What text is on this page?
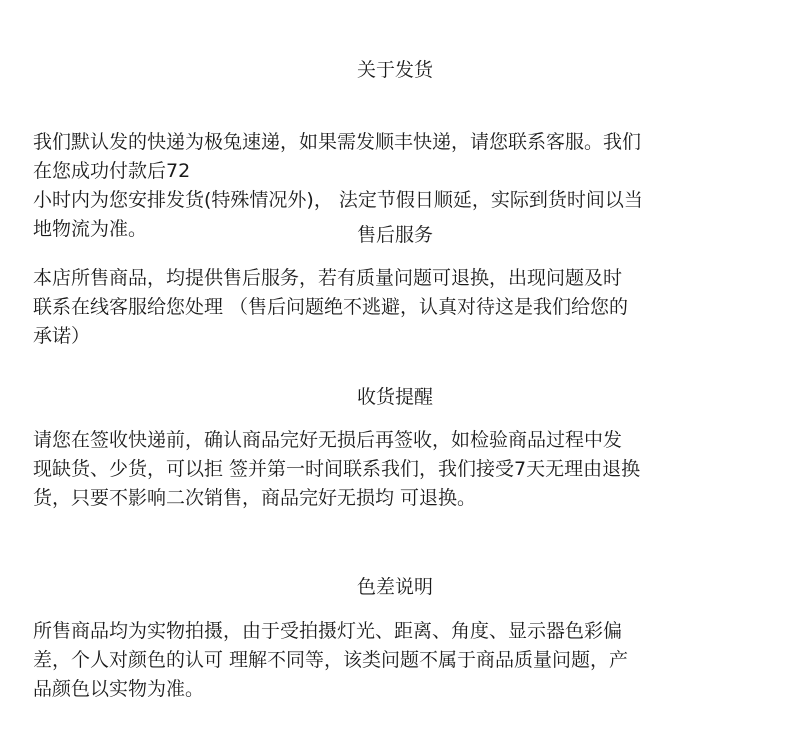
关于发货
我们默认发的快递为极兔速递，如果需发顺丰快递，请您联系客服。我们
在您成功付款后72
小时内为您安排发货(特殊情况外)， 法定节假日顺延，实际到货时间以当
地物流为准。	售后服务
本店所售商品，均提供售后服务，若有质量问题可退换，出现问题及时
联系在线客服给您处理 （售后问题绝不逃避，认真对待这是我们给您的
承诺）
收货提醒
请您在签收快递前，确认商品完好无损后再签收，如检验商品过程中发
现缺货、少货，可以拒 签并第一时间联系我们，我们接受7天无理由退换
货，只要不影响二次销售，商品完好无损均 可退换。
色差说明
所售商品均为实物拍摄，由于受拍摄灯光、距离、角度、显示器色彩偏
差，个人对颜色的认可 理解不同等，该类问题不属于商品质量问题，产
品颜色以实物为准。
